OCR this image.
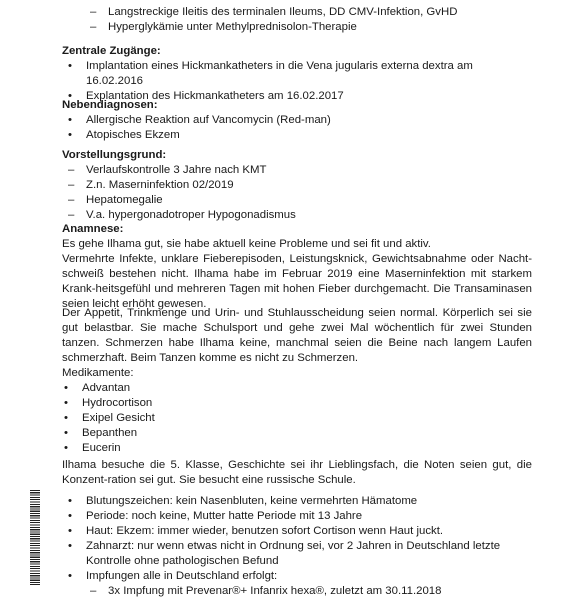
– Langstreckige Ileitis des terminalen Ileums, DD CMV-Infektion, GvHD
– Hyperglykämie unter Methylprednisolon-Therapie

Zentrale Zugänge:

• Implantation eines Hickmankatheters in die Vena jugularis externa dextra am 16.02.2016
• Explantation des Hickmankatheters am 16.02.2017

Nebendiagnosen:

• Allergische Reaktion auf Vancomycin (Red-man)
• Atopisches Ekzem

Vorstellungsgrund:

– Verlaufskontrolle 3 Jahre nach KMT
– Z.n. Maserninfektion 02/2019
– Hepatomegalie
– V.a. hypergonadotroper Hypogonadismus

Anamnese:

Es gehe Ilhama gut, sie habe aktuell keine Probleme und sei fit und aktiv.

Vermehrte Infekte, unklare Fieberepisoden, Leistungsknick, Gewichtsabnahme oder Nacht-schweiß bestehen nicht. Ilhama habe im Februar 2019 eine Maserninfektion mit starkem Krank-heitsgefühl und mehreren Tagen mit hohen Fieber durchgemacht. Die Transaminasen seien leicht erhöht gewesen.

Der Appetit, Trinkmenge und Urin- und Stuhlausscheidung seien normal. Körperlich sei sie gut belastbar. Sie mache Schulsport und gehe zwei Mal wöchentlich für zwei Stunden tanzen. Schmerzen habe Ilhama keine, manchmal seien die Beine nach langem Laufen schmerzhaft. Beim Tanzen komme es nicht zu Schmerzen.

Medikamente:

• Advantan
• Hydrocortison
• Exipel Gesicht
• Bepanthen
• Eucerin

Ilhama besuche die 5. Klasse, Geschichte sei ihr Lieblingsfach, die Noten seien gut, die Konzent-ration sei gut. Sie besucht eine russische Schule.

• Blutungszeichen: kein Nasenbluten, keine vermehrten Hämatome
• Periode: noch keine, Mutter hatte Periode mit 13 Jahre
• Haut: Ekzem: immer wieder, benutzen sofort Cortison wenn Haut juckt.
• Zahnarzt: nur wenn etwas nicht in Ordnung sei, vor 2 Jahren in Deutschland letzte Kontrolle ohne pathologischen Befund
• Impfungen alle in Deutschland erfolgt:
– 3x Impfung mit Prevenar®+ Infanrix hexa®, zuletzt am 30.11.2018
